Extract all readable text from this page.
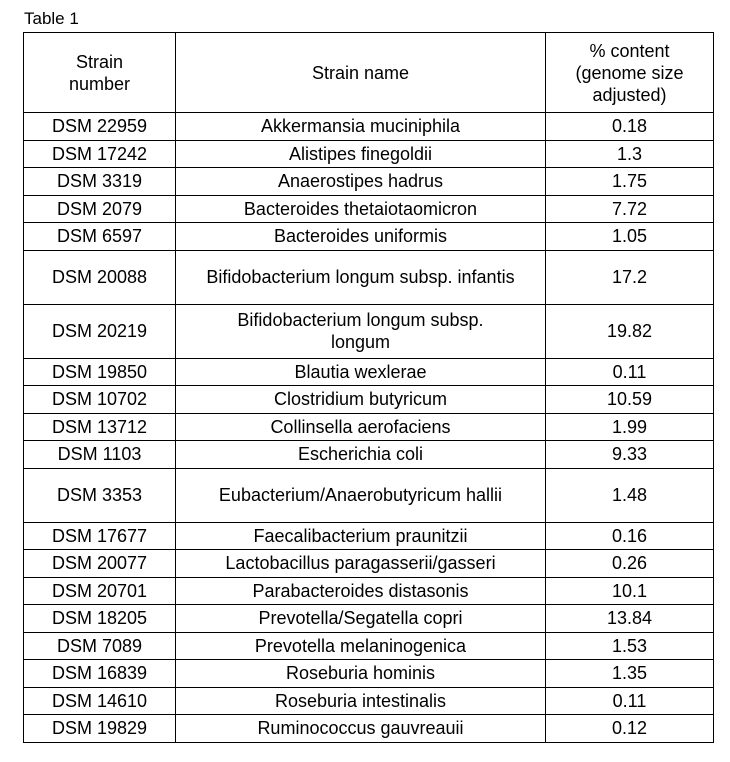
Table 1
Strain number	Strain name	% content (genome size adjusted)
DSM 22959	Akkermansia muciniphila	0.18
DSM 17242	Alistipes finegoldii	1.3
DSM 3319	Anaerostipes hadrus	1.75
DSM 2079	Bacteroides thetaiotaomicron	7.72
DSM 6597	Bacteroides uniformis	1.05
DSM 20088	Bifidobacterium longum subsp. infantis	17.2
DSM 20219	Bifidobacterium longum subsp. longum	19.82
DSM 19850	Blautia wexlerae	0.11
DSM 10702	Clostridium butyricum	10.59
DSM 13712	Collinsella aerofaciens	1.99
DSM 1103	Escherichia coli	9.33
DSM 3353	Eubacterium/Anaerobutyricum hallii	1.48
DSM 17677	Faecalibacterium praunitzii	0.16
DSM 20077	Lactobacillus paragasserii/gasseri	0.26
DSM 20701	Parabacteroides distasonis	10.1
DSM 18205	Prevotella/Segatella copri	13.84
DSM 7089	Prevotella melaninogenica	1.53
DSM 16839	Roseburia hominis	1.35
DSM 14610	Roseburia intestinalis	0.11
DSM 19829	Ruminococcus gauvreauii	0.12
